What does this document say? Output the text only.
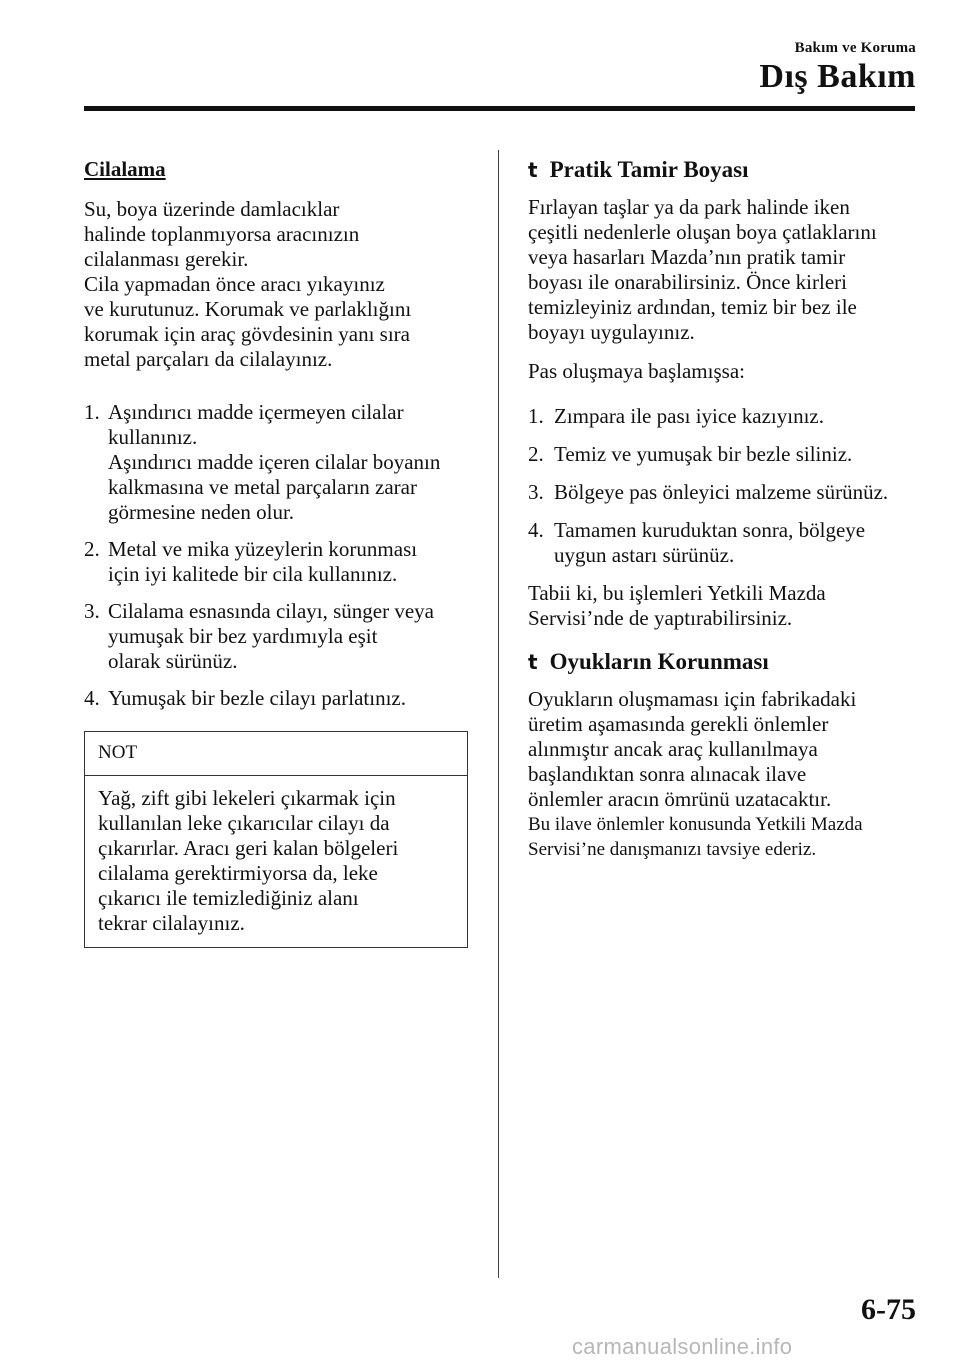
Bakım ve Koruma
Dış Bakım
Cilalama
Su, boya üzerinde damlacıklar
halinde toplanmıyorsa aracınızın
cilalanması gerekir.
Cila yapmadan önce aracı yıkayınız
ve kurutunuz. Korumak ve parlaklığını
korumak için araç gövdesinin yanı sıra
metal parçaları da cilalayınız.
1. Aşındırıcı madde içermeyen cilalar
kullanınız.
Aşındırıcı madde içeren cilalar boyanın
kalkmasına ve metal parçaların zarar
görmesine neden olur.
2. Metal ve mika yüzeylerin korunması
için iyi kalitede bir cila kullanınız.
3. Cilalama esnasında cilayı, sünger veya
yumuşak bir bez yardımıyla eşit
olarak sürünüz.
4. Yumuşak bir bezle cilayı parlatınız.
NOT
Yağ, zift gibi lekeleri çıkarmak için
kullanılan leke çıkarıcılar cilayı da
çıkarırlar. Aracı geri kalan bölgeleri
cilalama gerektirmiyorsa da, leke
çıkarıcı ile temizlediğiniz alanı
tekrar cilalayınız.
t Pratik Tamir Boyası
Fırlayan taşlar ya da park halinde iken
çeşitli nedenlerle oluşan boya çatlaklarını
veya hasarları Mazda’nın pratik tamir
boyası ile onarabilirsiniz. Önce kirleri
temizleyiniz ardından, temiz bir bez ile
boyayı uygulayınız.
Pas oluşmaya başlamışsa:
1. Zımpara ile pası iyice kazıyınız.
2. Temiz ve yumuşak bir bezle siliniz.
3. Bölgeye pas önleyici malzeme sürünüz.
4. Tamamen kuruduktan sonra, bölgeye
uygun astarı sürünüz.
Tabii ki, bu işlemleri Yetkili Mazda
Servisi’nde de yaptırabilirsiniz.
t Oyukların Korunması
Oyukların oluşmaması için fabrikadaki
üretim aşamasında gerekli önlemler
alınmıştır ancak araç kullanılmaya
başlandıktan sonra alınacak ilave
önlemler aracın ömrünü uzatacaktır.
Bu ilave önlemler konusunda Yetkili Mazda
Servisi’ne danışmanızı tavsiye ederiz.
6-75
carmanualsonline.info
